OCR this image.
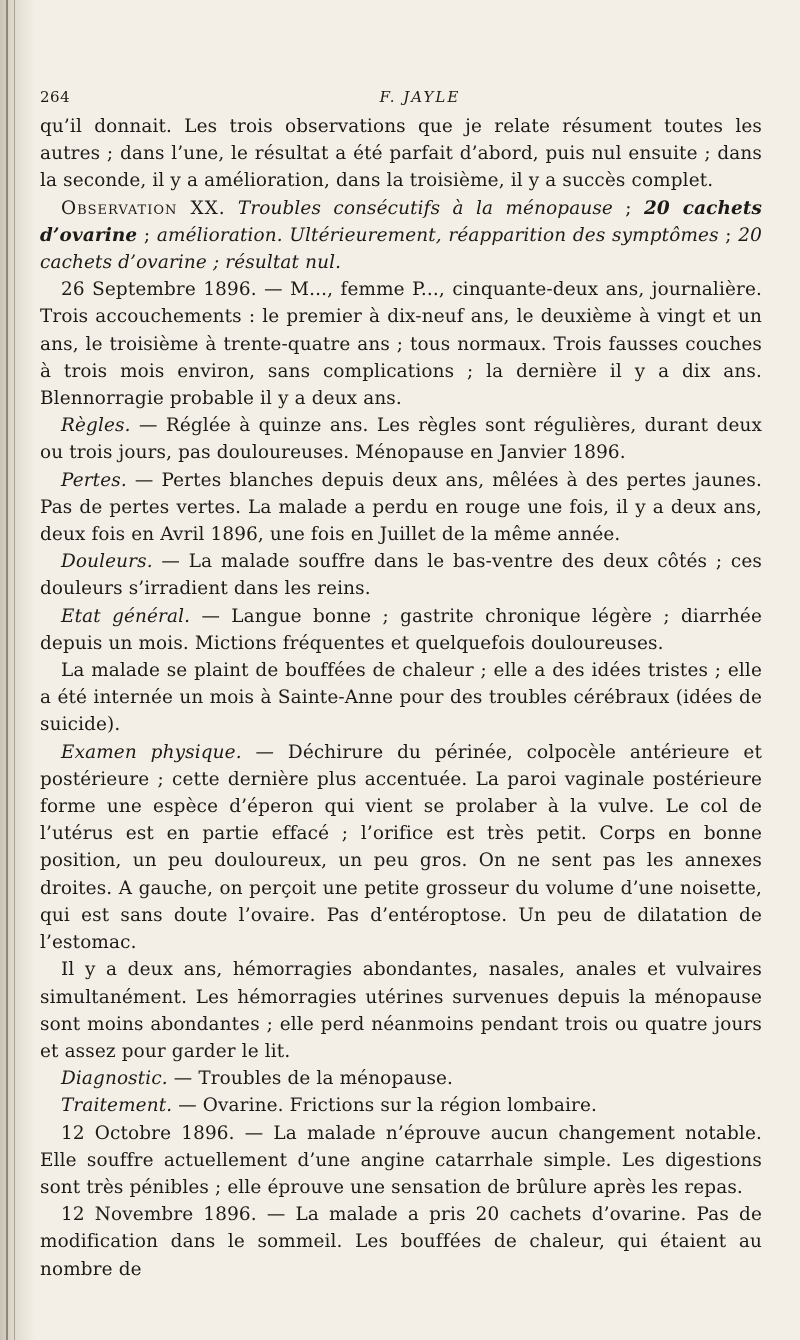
264	F. JAYLE

qu’il donnait. Les trois observations que je relate résument toutes les autres ; dans l’une, le résultat a été parfait d’abord, puis nul ensuite ; dans la seconde, il y a amélioration, dans la troisième, il y a succès complet.

Observation XX. Troubles consécutifs à la ménopause ; 20 cachets d’ovarine ; amélioration. Ultérieurement, réapparition des symptômes ; 20 cachets d’ovarine ; résultat nul.

26 Septembre 1896. — M..., femme P..., cinquante-deux ans, journalière. Trois accouchements : le premier à dix-neuf ans, le deuxième à vingt et un ans, le troisième à trente-quatre ans ; tous normaux. Trois fausses couches à trois mois environ, sans complications ; la dernière il y a dix ans. Blennorragie probable il y a deux ans.

Règles. — Réglée à quinze ans. Les règles sont régulières, durant deux ou trois jours, pas douloureuses. Ménopause en Janvier 1896.

Pertes. — Pertes blanches depuis deux ans, mêlées à des pertes jaunes. Pas de pertes vertes. La malade a perdu en rouge une fois, il y a deux ans, deux fois en Avril 1896, une fois en Juillet de la même année.

Douleurs. — La malade souffre dans le bas-ventre des deux côtés ; ces douleurs s’irradient dans les reins.

Etat général. — Langue bonne ; gastrite chronique légère ; diarrhée depuis un mois. Mictions fréquentes et quelquefois douloureuses.

La malade se plaint de bouffées de chaleur ; elle a des idées tristes ; elle a été internée un mois à Sainte-Anne pour des troubles cérébraux (idées de suicide).

Examen physique. — Déchirure du périnée, colpocèle antérieure et postérieure ; cette dernière plus accentuée. La paroi vaginale postérieure forme une espèce d’éperon qui vient se prolaber à la vulve. Le col de l’utérus est en partie effacé ; l’orifice est très petit. Corps en bonne position, un peu douloureux, un peu gros. On ne sent pas les annexes droites. A gauche, on perçoit une petite grosseur du volume d’une noisette, qui est sans doute l’ovaire. Pas d’entéroptose. Un peu de dilatation de l’estomac.

Il y a deux ans, hémorragies abondantes, nasales, anales et vulvaires simultanément. Les hémorragies utérines survenues depuis la ménopause sont moins abondantes ; elle perd néanmoins pendant trois ou quatre jours et assez pour garder le lit.

Diagnostic. — Troubles de la ménopause.

Traitement. — Ovarine. Frictions sur la région lombaire.

12 Octobre 1896. — La malade n’éprouve aucun changement notable. Elle souffre actuellement d’une angine catarrhale simple. Les digestions sont très pénibles ; elle éprouve une sensation de brûlure après les repas.

12 Novembre 1896. — La malade a pris 20 cachets d’ovarine. Pas de modification dans le sommeil. Les bouffées de chaleur, qui étaient au nombre de
